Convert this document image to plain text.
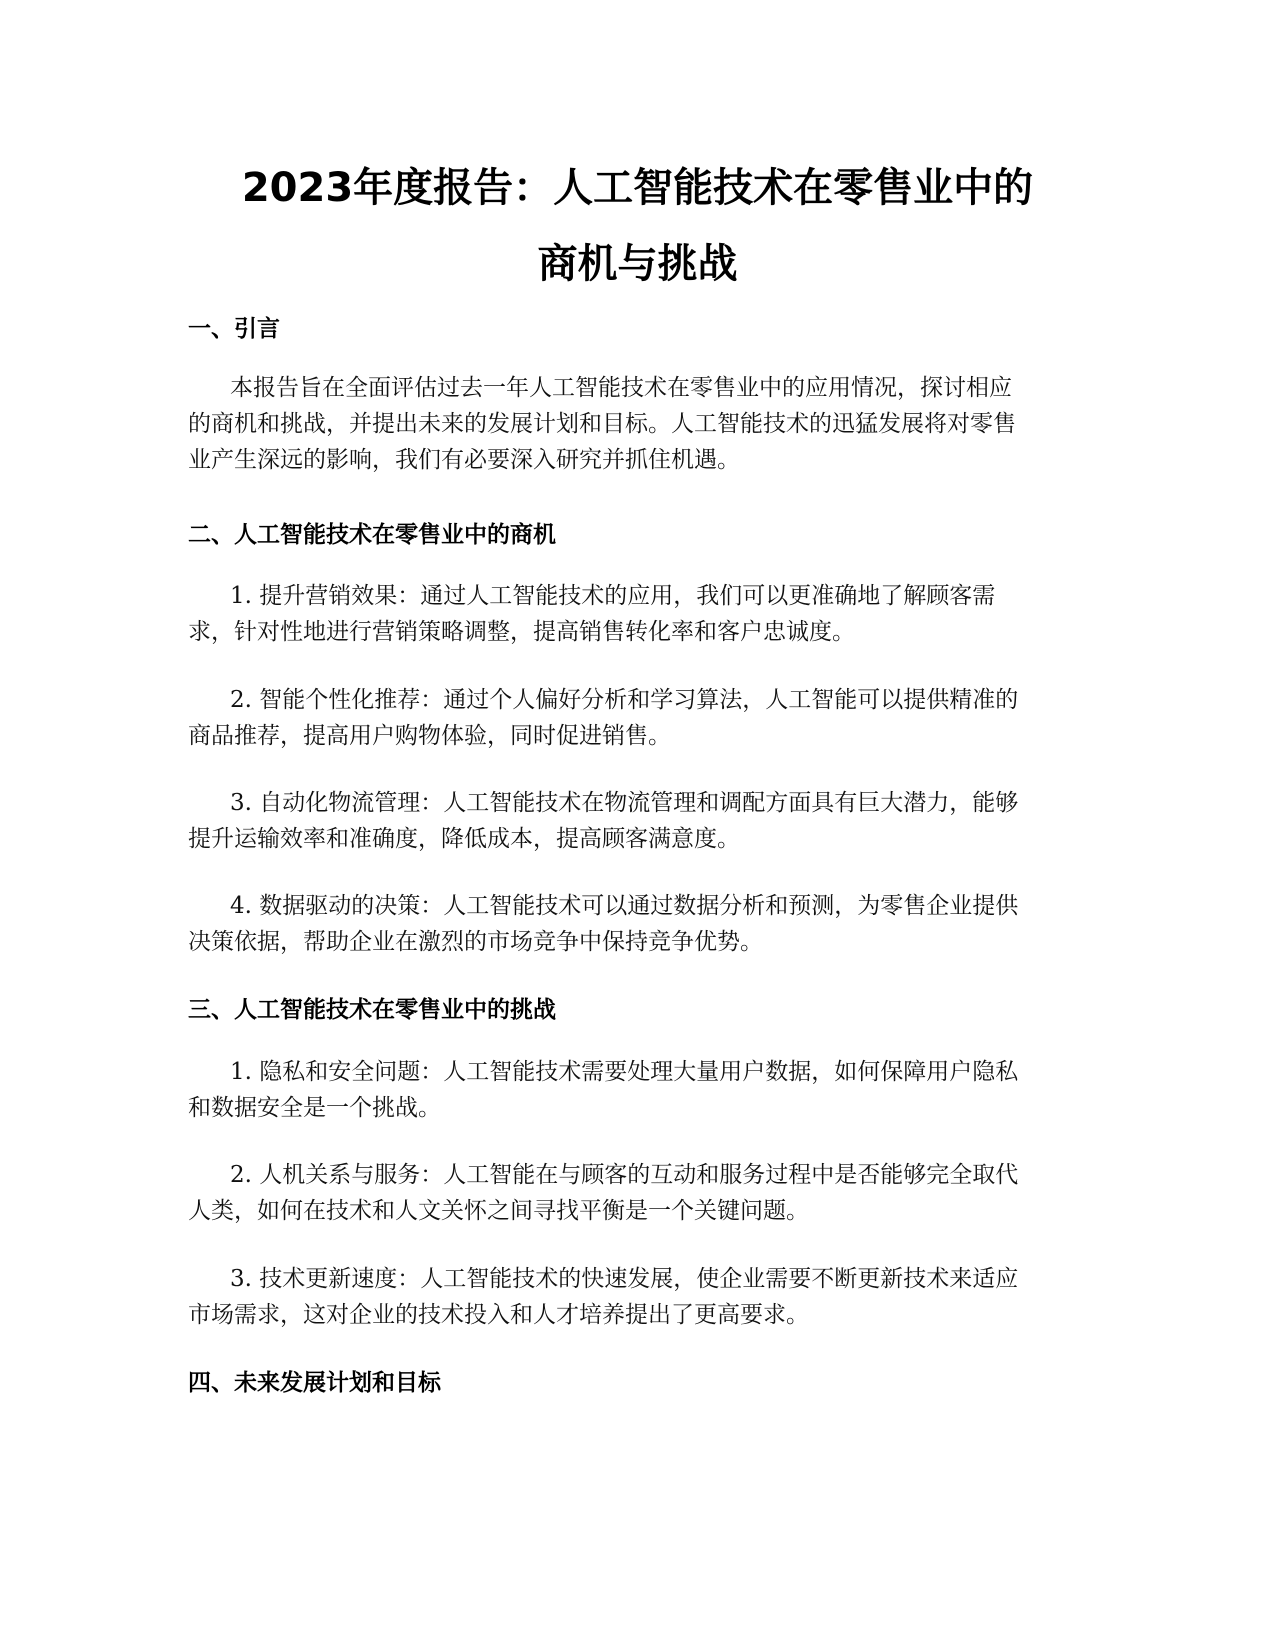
2023年度报告：人工智能技术在零售业中的
商机与挑战
一、引言

本报告旨在全面评估过去一年人工智能技术在零售业中的应用情况，探讨相应
的商机和挑战，并提出未来的发展计划和目标。人工智能技术的迅猛发展将对零售
业产生深远的影响，我们有必要深入研究并抓住机遇。

二、人工智能技术在零售业中的商机

1. 提升营销效果：通过人工智能技术的应用，我们可以更准确地了解顾客需
求，针对性地进行营销策略调整，提高销售转化率和客户忠诚度。

2. 智能个性化推荐：通过个人偏好分析和学习算法，人工智能可以提供精准的
商品推荐，提高用户购物体验，同时促进销售。

3. 自动化物流管理：人工智能技术在物流管理和调配方面具有巨大潜力，能够
提升运输效率和准确度，降低成本，提高顾客满意度。

4. 数据驱动的决策：人工智能技术可以通过数据分析和预测，为零售企业提供
决策依据，帮助企业在激烈的市场竞争中保持竞争优势。

三、人工智能技术在零售业中的挑战

1. 隐私和安全问题：人工智能技术需要处理大量用户数据，如何保障用户隐私
和数据安全是一个挑战。

2. 人机关系与服务：人工智能在与顾客的互动和服务过程中是否能够完全取代
人类，如何在技术和人文关怀之间寻找平衡是一个关键问题。

3. 技术更新速度：人工智能技术的快速发展，使企业需要不断更新技术来适应
市场需求，这对企业的技术投入和人才培养提出了更高要求。

四、未来发展计划和目标
